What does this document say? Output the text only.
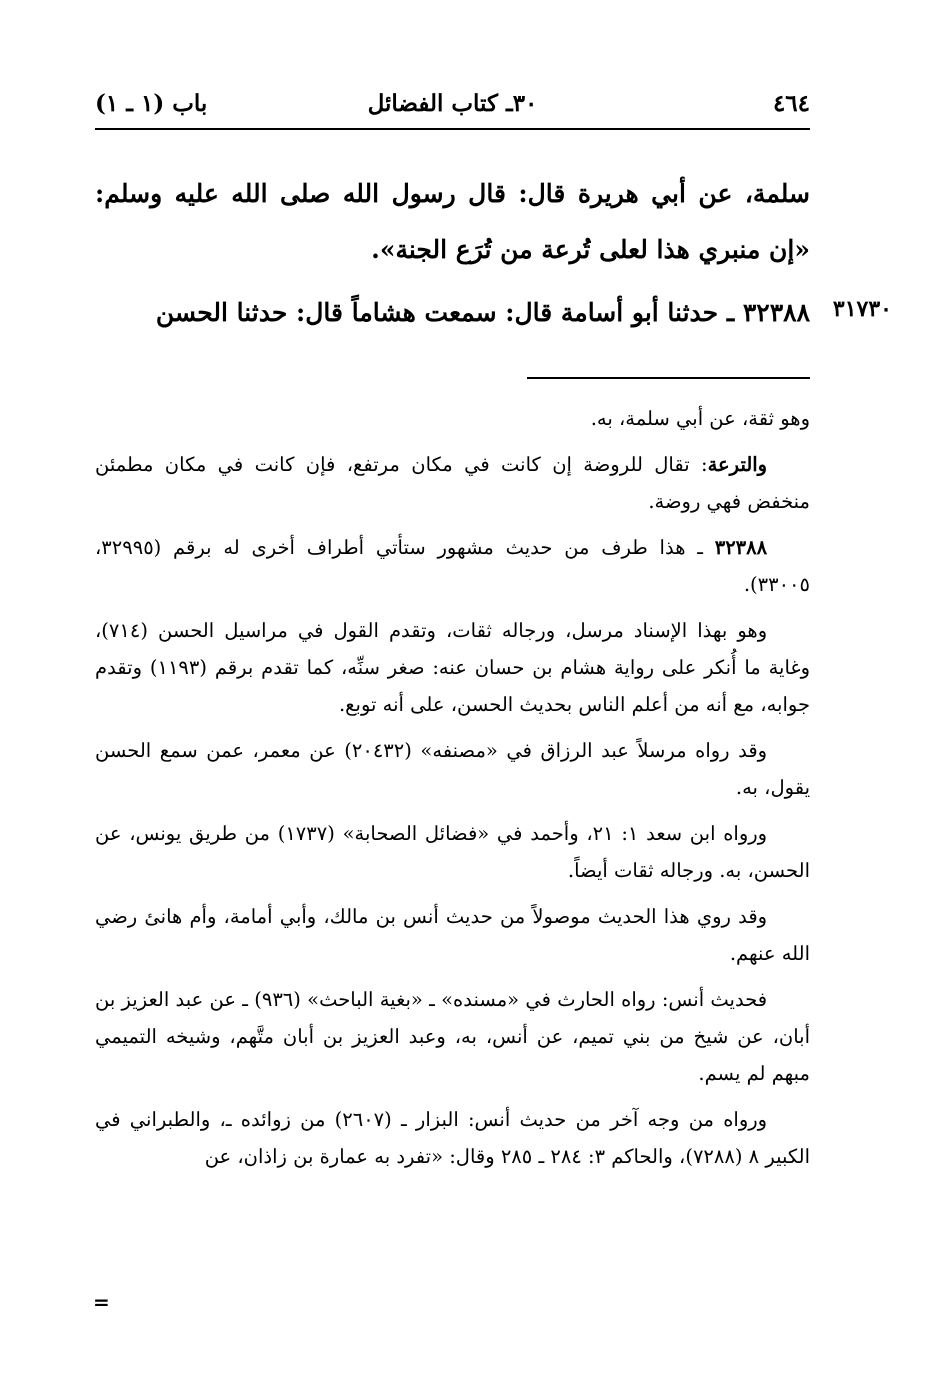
٤٦٤
٣٠ـ كتاب الفضائل
باب (١ ـ ١)
سلمة، عن أبي هريرة قال: قال رسول الله صلى الله عليه وسلم: «إن منبري هذا لعلى تُرعة من تُرَع الجنة».
٣٢٣٨٨ ـ حدثنا أبو أسامة قال: سمعت هشاماً قال: حدثنا الحسن	٣١٧٣٠

وهو ثقة، عن أبي سلمة، به.

والترعة: تقال للروضة إن كانت في مكان مرتفع، فإن كانت في مكان مطمئن منخفض فهي روضة.

٣٢٣٨٨ ـ هذا طرف من حديث مشهور ستأتي أطراف أخرى له برقم (٣٢٩٩٥، ٣٣٠٠٥).

وهو بهذا الإسناد مرسل، ورجاله ثقات، وتقدم القول في مراسيل الحسن (٧١٤)، وغاية ما أُنكر على رواية هشام بن حسان عنه: صغر سنِّه، كما تقدم برقم (١١٩٣) وتقدم جوابه، مع أنه من أعلم الناس بحديث الحسن، على أنه توبع.

وقد رواه مرسلاً عبد الرزاق في «مصنفه» (٢٠٤٣٢) عن معمر، عمن سمع الحسن يقول، به.

ورواه ابن سعد ١: ٢١، وأحمد في «فضائل الصحابة» (١٧٣٧) من طريق يونس، عن الحسن، به. ورجاله ثقات أيضاً.

وقد روي هذا الحديث موصولاً من حديث أنس بن مالك، وأبي أمامة، وأم هانئ رضي الله عنهم.

فحديث أنس: رواه الحارث في «مسنده» ـ «بغية الباحث» (٩٣٦) ـ عن عبد العزيز بن أبان، عن شيخ من بني تميم، عن أنس، به، وعبد العزيز بن أبان متَّهم، وشيخه التميمي مبهم لم يسم.

ورواه من وجه آخر من حديث أنس: البزار ـ (٢٦٠٧) من زوائده ـ، والطبراني في الكبير ٨ (٧٢٨٨)، والحاكم ٣: ٢٨٤ ـ ٢٨٥ وقال: «تفرد به عمارة بن زاذان، عن

=
